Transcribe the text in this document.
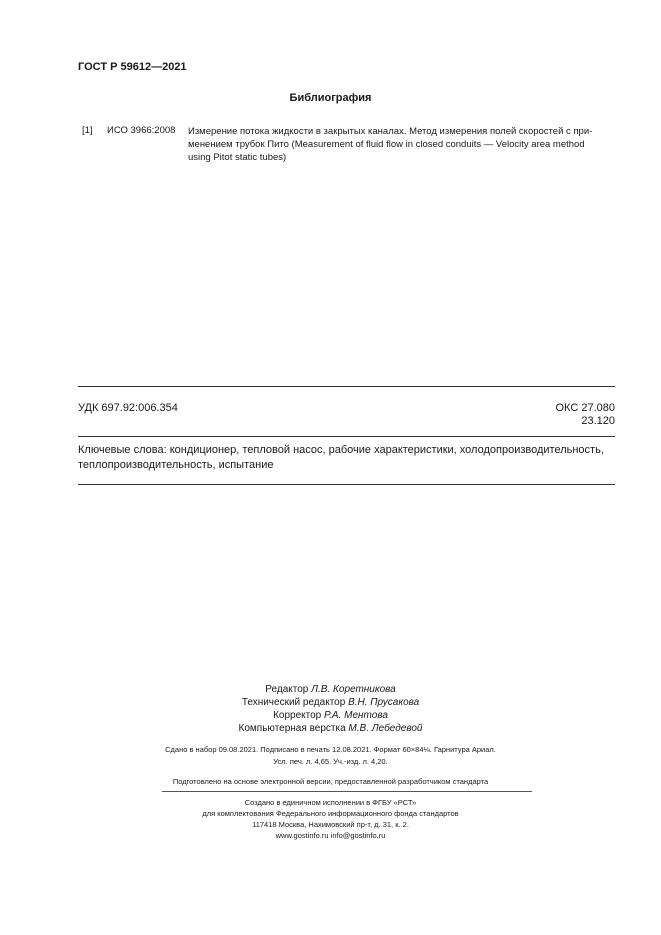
ГОСТ Р 59612—2021
Библиография
[1] ИСО 3966:2008 Измерение потока жидкости в закрытых каналах. Метод измерения полей скоростей с при-
менением трубок Пито (Measurement of fluid flow in closed conduits — Velocity area method
using Pitot static tubes)
УДК 697.92:006.354	ОКС 27.080
23.120
Ключевые слова: кондиционер, тепловой насос, рабочие характеристики, холодопроизводительность,
теплопроизводительность, испытание
Редактор Л.В. Коретникова
Технический редактор В.Н. Прусакова
Корректор Р.А. Ментова
Компьютерная верстка М.В. Лебедевой
Сдано в набор 09.08.2021. Подписано в печать 12.08.2021. Формат 60×84⅛. Гарнитура Ариал.
Усл. печ. л. 4,65. Уч.-изд. л. 4,20.
Подготовлено на основе электронной версии, предоставленной разработчиком стандарта
Создано в единичном исполнении в ФГБУ «РСТ»
для комплектования Федерального информационного фонда стандартов
117418 Москва, Нахимовский пр-т, д. 31, к. 2.
www.gostinfo.ru info@gostinfo.ru
